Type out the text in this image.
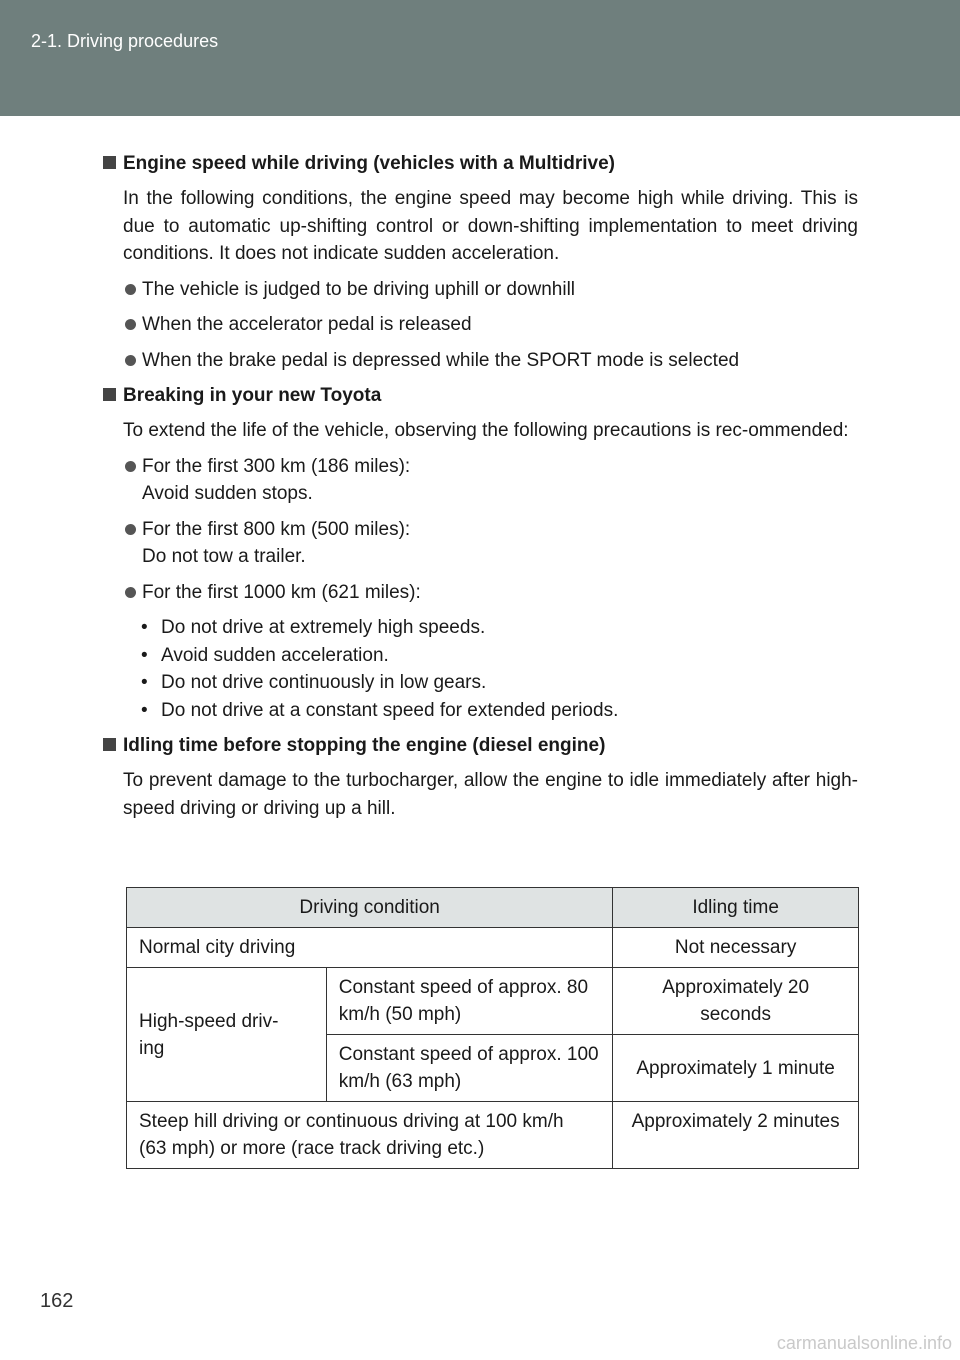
2-1. Driving procedures
Engine speed while driving (vehicles with a Multidrive)

In the following conditions, the engine speed may become high while driving. This is due to automatic up-shifting control or down-shifting implementation to meet driving conditions. It does not indicate sudden acceleration.

The vehicle is judged to be driving uphill or downhill
When the accelerator pedal is released
When the brake pedal is depressed while the SPORT mode is selected
Breaking in your new Toyota

To extend the life of the vehicle, observing the following precautions is rec-ommended:

For the first 300 km (186 miles):
Avoid sudden stops.
For the first 800 km (500 miles):
Do not tow a trailer.
For the first 1000 km (621 miles):
• Do not drive at extremely high speeds.
• Avoid sudden acceleration.
• Do not drive continuously in low gears.
• Do not drive at a constant speed for extended periods.
Idling time before stopping the engine (diesel engine)

To prevent damage to the turbocharger, allow the engine to idle immediately after high-speed driving or driving up a hill.

Driving condition		Idling time
Normal city driving		Not necessary
High-speed driv-ing	Constant speed of approx. 80 km/h (50 mph)	Approximately 20 seconds
	Constant speed of approx. 100 km/h (63 mph)	Approximately 1 minute
Steep hill driving or continuous driving at 100 km/h (63 mph) or more (race track driving etc.)		Approximately 2 minutes
162
carmanualsonline.info
